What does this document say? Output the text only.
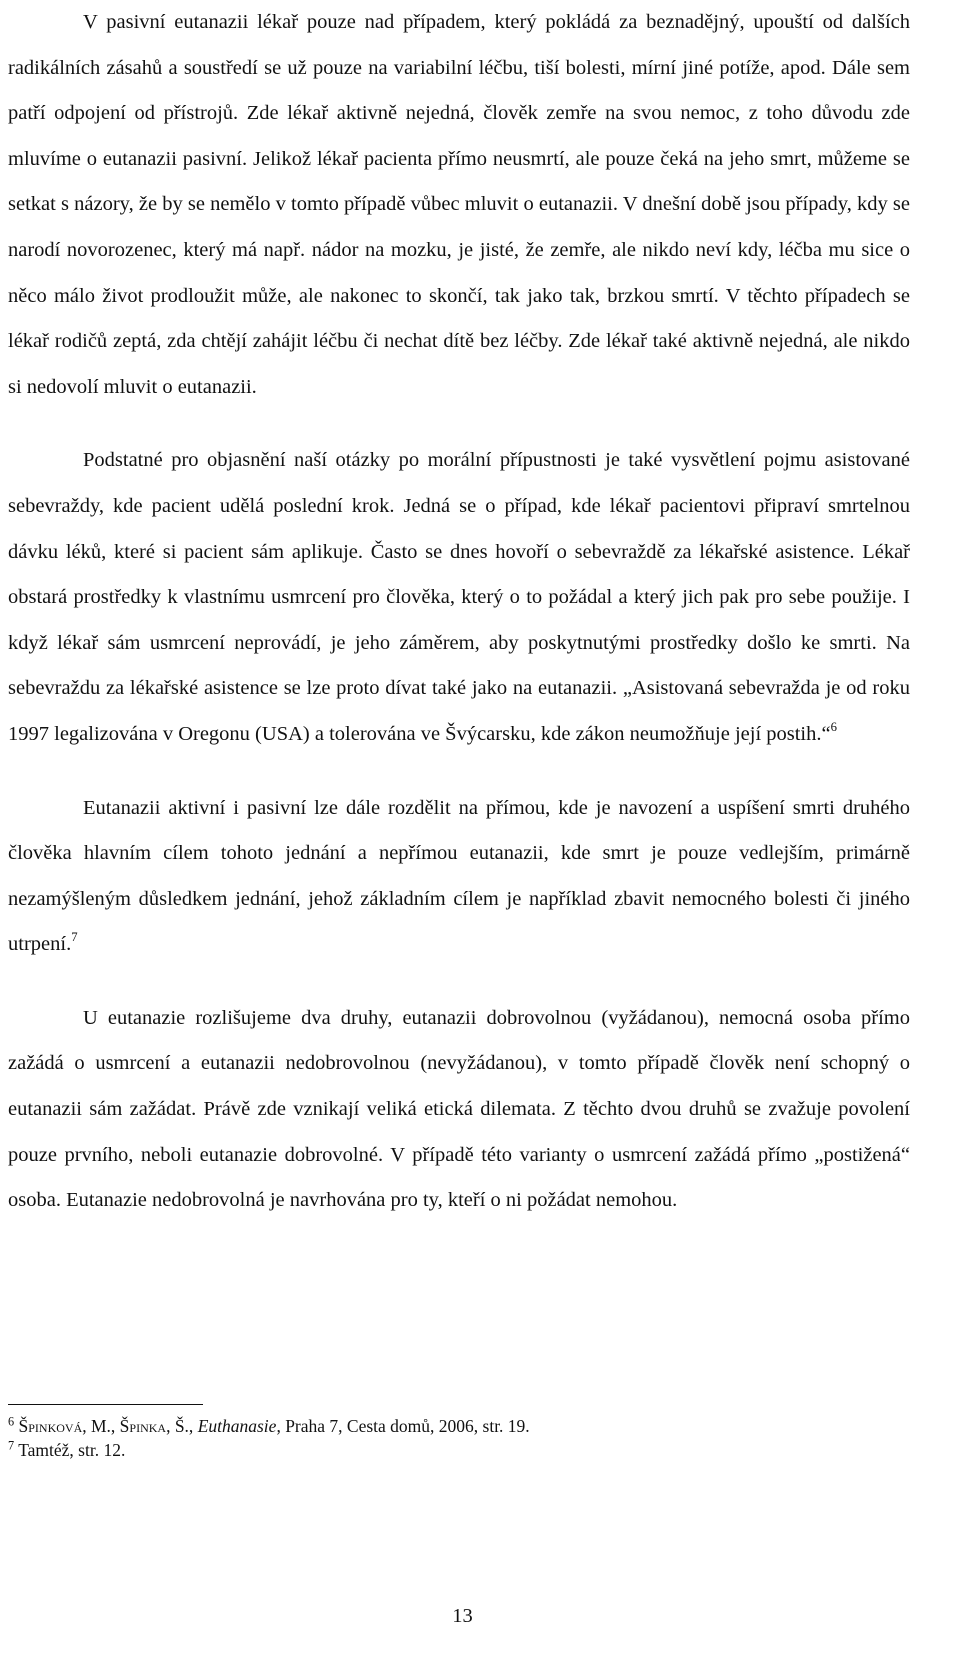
V pasivní eutanazii lékař pouze nad případem, který pokládá za beznadějný, upouští od dalších radikálních zásahů a soustředí se už pouze na variabilní léčbu, tiší bolesti, mírní jiné potíže, apod. Dále sem patří odpojení od přístrojů. Zde lékař aktivně nejedná, člověk zemře na svou nemoc, z toho důvodu zde mluvíme o eutanazii pasivní. Jelikož lékař pacienta přímo neusmrtí, ale pouze čeká na jeho smrt, můžeme se setkat s názory, že by se nemělo v tomto případě vůbec mluvit o eutanazii. V dnešní době jsou případy, kdy se narodí novorozenec, který má např. nádor na mozku, je jisté, že zemře, ale nikdo neví kdy, léčba mu sice o něco málo život prodloužit může, ale nakonec to skončí, tak jako tak, brzkou smrtí. V těchto případech se lékař rodičů zeptá, zda chtějí zahájit léčbu či nechat dítě bez léčby. Zde lékař také aktivně nejedná, ale nikdo si nedovolí mluvit o eutanazii.

Podstatné pro objasnění naší otázky po morální přípustnosti je také vysvětlení pojmu asistované sebevraždy, kde pacient udělá poslední krok. Jedná se o případ, kde lékař pacientovi připraví smrtelnou dávku léků, které si pacient sám aplikuje. Často se dnes hovoří o sebevraždě za lékařské asistence. Lékař obstará prostředky k vlastnímu usmrcení pro člověka, který o to požádal a který jich pak pro sebe použije. I když lékař sám usmrcení neprovádí, je jeho záměrem, aby poskytnutými prostředky došlo ke smrti. Na sebevraždu za lékařské asistence se lze proto dívat také jako na eutanazii. „Asistovaná sebevražda je od roku 1997 legalizována v Oregonu (USA) a tolerována ve Švýcarsku, kde zákon neumožňuje její postih.“$^6$

Eutanazii aktivní i pasivní lze dále rozdělit na přímou, kde je navození a uspíšení smrti druhého člověka hlavním cílem tohoto jednání a nepřímou eutanazii, kde smrt je pouze vedlejším, primárně nezamýšleným důsledkem jednání, jehož základním cílem je například zbavit nemocného bolesti či jiného utrpení.$^7$

U eutanazie rozlišujeme dva druhy, eutanazii dobrovolnou (vyžádanou), nemocná osoba přímo zažádá o usmrcení a eutanazii nedobrovolnou (nevyžádanou), v tomto případě člověk není schopný o eutanazii sám zažádat. Právě zde vznikají veliká etická dilemata. Z těchto dvou druhů se zvažuje povolení pouze prvního, neboli eutanazie dobrovolné. V případě této varianty o usmrcení zažádá přímo „postižená“ osoba. Eutanazie nedobrovolná je navrhována pro ty, kteří o ni požádat nemohou.

$^6$ Špinková, M., Špinka, Š., Euthanasie, Praha 7, Cesta domů, 2006, str. 19.

$^7$ Tamtéž, str. 12.

13
